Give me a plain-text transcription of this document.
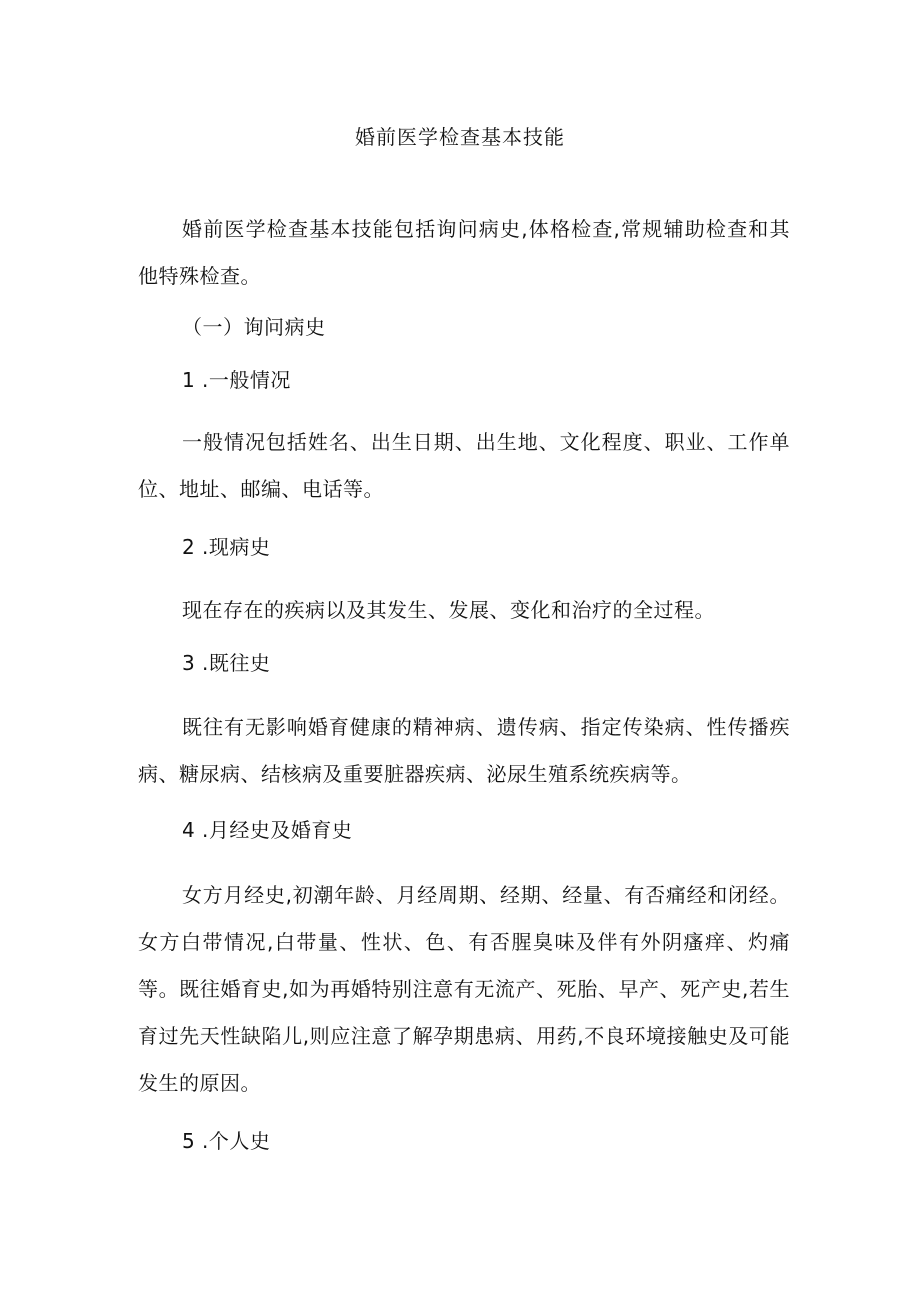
婚前医学检查基本技能
婚前医学检查基本技能包括询问病史,体格检查,常规辅助检查和其他特殊检查。
（一）询问病史
1 .一般情况
一般情况包括姓名、出生日期、出生地、文化程度、职业、工作单位、地址、邮编、电话等。
2 .现病史
现在存在的疾病以及其发生、发展、变化和治疗的全过程。
3 .既往史
既往有无影响婚育健康的精神病、遗传病、指定传染病、性传播疾病、糖尿病、结核病及重要脏器疾病、泌尿生殖系统疾病等。
4 .月经史及婚育史
女方月经史,初潮年龄、月经周期、经期、经量、有否痛经和闭经。女方白带情况,白带量、性状、色、有否腥臭味及伴有外阴瘙痒、灼痛等。既往婚育史,如为再婚特别注意有无流产、死胎、早产、死产史,若生育过先天性缺陷儿,则应注意了解孕期患病、用药,不良环境接触史及可能发生的原因。
5 .个人史
